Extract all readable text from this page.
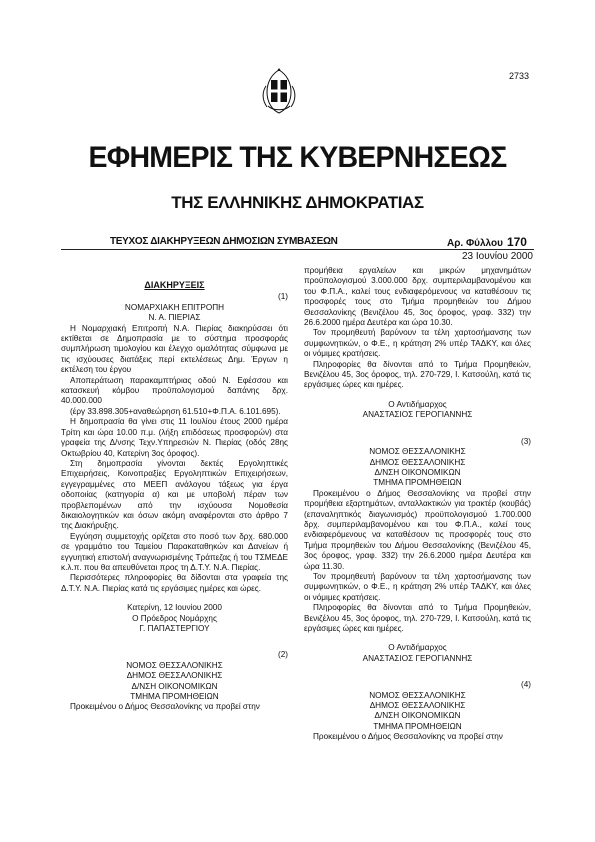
2733
ΕΦΗΜΕΡΙΣ ΤΗΣ ΚΥΒΕΡΝΗΣΕΩΣ
ΤΗΣ ΕΛΛΗΝΙΚΗΣ ΔΗΜΟΚΡΑΤΙΑΣ
ΤΕΥΧΟΣ ΔΙΑΚΗΡΥΞΕΩΝ ΔΗΜΟΣΙΩΝ ΣΥΜΒΑΣΕΩΝ	Αρ. Φύλλου 170
23 Ιουνίου 2000
ΔΙΑΚΗΡΥΞΕΙΣ

(1)

ΝΟΜΑΡΧΙΑΚΗ ΕΠΙΤΡΟΠΗ

Ν. Α. ΠΙΕΡΙΑΣ

Η Νομαρχιακή Επιτροπή Ν.Α. Πιερίας διακηρύσσει ότι εκτίθεται σε Δημοπρασία με το σύστημα προσφοράς συμπλήρωση τιμολογίου και έλεγχο ομαλότητας σύμφωνα με τις ισχύουσες διατάξεις περί εκτελέσεως Δημ. Έργων η εκτέλεση του έργου

Αποπεράτωση παρακαμπτήριας οδού Ν. Εφέσσου και κατασκευή κόμβου προϋπολογισμού δαπάνης δρχ. 40.000.000

(έργ 33.898.305+αναθεώρηση 61.510+Φ.Π.Α. 6.101.695).

Η δημοπρασία θα γίνει στις 11 Ιουλίου έτους 2000 ημέρα Τρίτη και ώρα 10.00 π.μ. (λήξη επιδόσεως προσφορών) στα γραφεία της Δ/νσης Τεχν.Υπηρεσιών Ν. Πιερίας (οδός 28ης Οκτωβρίου 40, Κατερίνη 3ος όροφος).

Στη δημοπρασία γίνονται δεκτές Εργοληπτικές Επιχειρήσεις, Κοινοπραξίες Εργοληπτικών Επιχειρήσεων, εγγεγραμμένες στο ΜΕΕΠ ανάλογου τάξεως για έργα οδοποιίας (κατηγορία α) και με υποβολή πέραν των προβλεπομένων από την ισχύουσα Νομοθεσία δικαιολογητικών και όσων ακόμη αναφέρονται στο άρθρο 7 της Διακήρυξης.

Εγγύηση συμμετοχής ορίζεται στο ποσό των δρχ. 680.000 σε γραμμάτιο του Ταμείου Παρακαταθηκών και Δανείων ή εγγυητική επιστολή αναγνωρισμένης Τράπεζας ή του ΤΣΜΕΔΕ κ.λ.π. που θα απευθύνεται προς τη Δ.Τ.Υ. Ν.Α. Πιερίας.

Περισσότερες πληροφορίες θα δίδονται στα γραφεία της Δ.Τ.Υ. Ν.Α. Πιερίας κατά τις εργάσιμες ημέρες και ώρες.

Κατερίνη, 12 Ιουνίου 2000

Ο Πρόεδρος Νομάρχης

Γ. ΠΑΠΑΣΤΕΡΓΙΟΥ

(2)

ΝΟΜΟΣ ΘΕΣΣΑΛΟΝΙΚΗΣ

ΔΗΜΟΣ ΘΕΣΣΑΛΟΝΙΚΗΣ

Δ/ΝΣΗ ΟΙΚΟΝΟΜΙΚΩΝ

ΤΜΗΜΑ ΠΡΟΜΗΘΕΙΩΝ

Προκειμένου ο Δήμος Θεσσαλονίκης να προβεί στην

προμήθεια εργαλείων και μικρών μηχανημάτων προϋπολογισμού 3.000.000 δρχ. συμπεριλαμβανομένου και του Φ.Π.Α., καλεί τους ενδιαφερόμενους να καταθέσουν τις προσφορές τους στο Τμήμα προμηθειών του Δήμου Θεσσαλονίκης (Βενιζέλου 45, 3ος όροφος, γραφ. 332) την 26.6.2000 ημέρα Δευτέρα και ώρα 10.30.

Τον προμηθευτή βαρύνουν τα τέλη χαρτοσήμανσης των συμφωνητικών, ο Φ.Ε., η κράτηση 2% υπέρ ΤΑΔΚΥ, και όλες οι νόμιμες κρατήσεις.

Πληροφορίες θα δίνονται από το Τμήμα Προμηθειών, Βενιζέλου 45, 3ος όροφος, τηλ. 270-729, Ι. Κατσούλη, κατά τις εργάσιμες ώρες και ημέρες.

Ο Αντιδήμαρχος

ΑΝΑΣΤΑΣΙΟΣ ΓΕΡΟΓΙΑΝΝΗΣ

(3)

ΝΟΜΟΣ ΘΕΣΣΑΛΟΝΙΚΗΣ

ΔΗΜΟΣ ΘΕΣΣΑΛΟΝΙΚΗΣ

Δ/ΝΣΗ ΟΙΚΟΝΟΜΙΚΩΝ

ΤΜΗΜΑ ΠΡΟΜΗΘΕΙΩΝ

Προκειμένου ο Δήμος Θεσσαλονίκης να προβεί στην προμήθεια εξαρτημάτων, ανταλλακτικών για τρακτέρ (κουβάς) (επαναληπτικός διαγωνισμός) προϋπολογισμού 1.700.000 δρχ. συμπεριλαμβανομένου και του Φ.Π.Α., καλεί τους ενδιαφερόμενους να καταθέσουν τις προσφορές τους στο Τμήμα προμηθειών του Δήμου Θεσσαλονίκης (Βενιζέλου 45, 3ος όροφος, γραφ. 332) την 26.6.2000 ημέρα Δευτέρα και ώρα 11.30.

Τον προμηθευτή βαρύνουν τα τέλη χαρτοσήμανσης των συμφωνητικών, ο Φ.Ε., η κράτηση 2% υπέρ ΤΑΔΚΥ, και όλες οι νόμιμες κρατήσεις.

Πληροφορίες θα δίνονται από το Τμήμα Προμηθειών, Βενιζέλου 45, 3ος όροφος, τηλ. 270-729, Ι. Κατσούλη, κατά τις εργάσιμες ώρες και ημέρες.

Ο Αντιδήμαρχος

ΑΝΑΣΤΑΣΙΟΣ ΓΕΡΟΓΙΑΝΝΗΣ

(4)

ΝΟΜΟΣ ΘΕΣΣΑΛΟΝΙΚΗΣ

ΔΗΜΟΣ ΘΕΣΣΑΛΟΝΙΚΗΣ

Δ/ΝΣΗ ΟΙΚΟΝΟΜΙΚΩΝ

ΤΜΗΜΑ ΠΡΟΜΗΘΕΙΩΝ

Προκειμένου ο Δήμος Θεσσαλονίκης να προβεί στην
